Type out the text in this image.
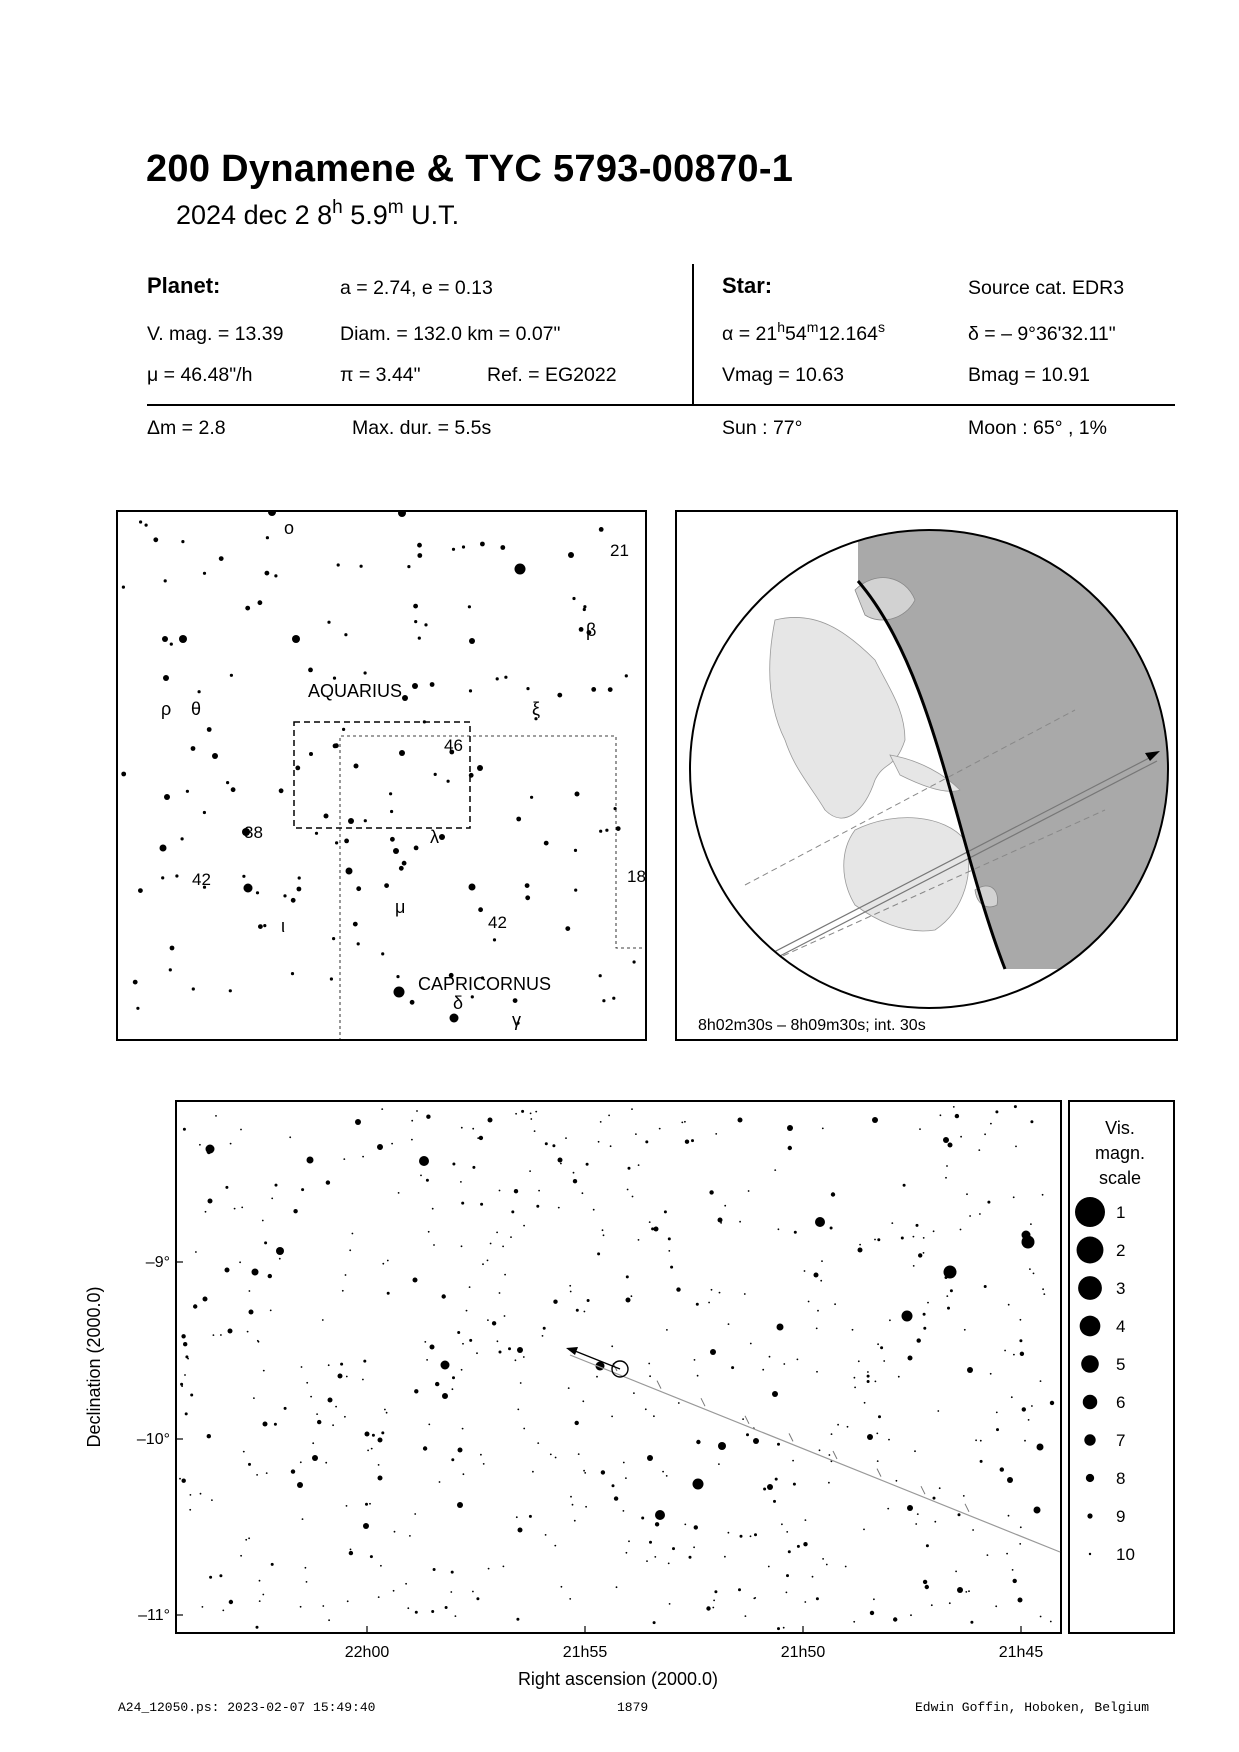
200 Dynamene & TYC 5793-00870-1
2024 dec 2 8$^h$ 5.9$^m$ U.T.
Planet:	a = 2.74, e = 0.13
V. mag. = 13.39	Diam. = 132.0 km = 0.07"
μ = 46.48"/h	π = 3.44"	Ref. = EG2022
Star:	Source cat. EDR3
$\alpha = 21^h54^m12.164^s$	δ = – 9°36'32.11"
Vmag = 10.63	Bmag = 10.91
Δm = 2.8	Max. dur. = 5.5s	Sun : 77°	Moon : 65° , 1%
AQUARIUS
CAPRICORNUS
ο
21
β
ρ θ	ξ
46
38	λ
18
42
ι
μ
42
δ
γ	8h02m30s – 8h09m30s; int. 30s
22h00	21h55	21h50	21h45
–9°
–10°
–11°
Right ascension (2000.0)
Declination (2000.0)
Vis.
magn.
scale
1
2
3
4
5
6
7
8
9
10
A24_12050.ps: 2023-02-07 15:49:40	1879	Edwin Goffin, Hoboken, Belgium
